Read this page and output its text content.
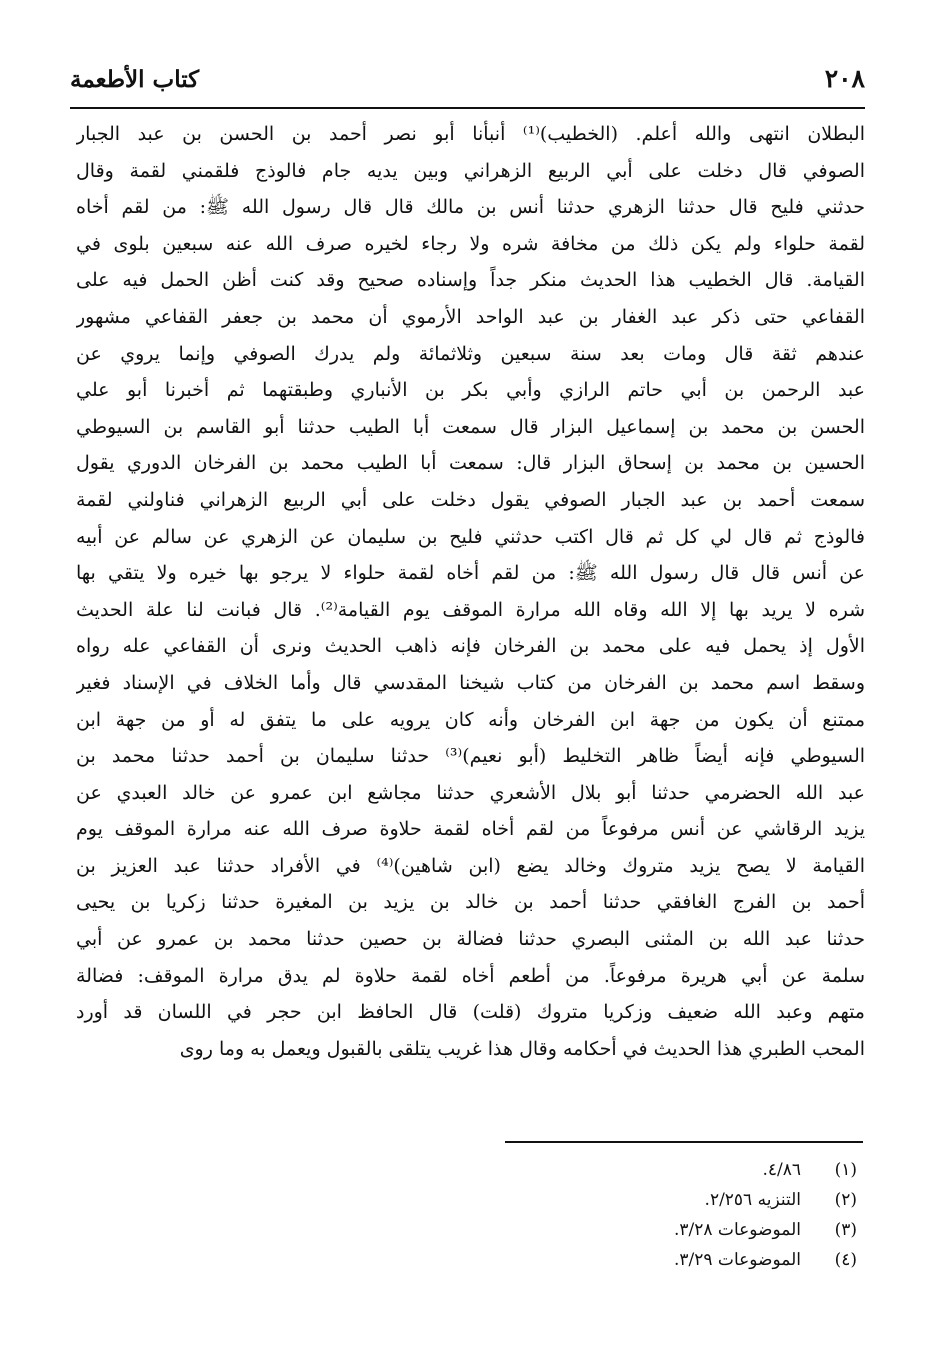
٢٠٨
كتاب الأطعمة
البطلان انتهى والله أعلم. (الخطيب)⁽¹⁾ أنبأنا أبو نصر أحمد بن الحسن بن عبد الجبار
الصوفي قال دخلت على أبي الربيع الزهراني وبين يديه جام فالوذج فلقمني لقمة وقال
حدثني فليح قال حدثنا الزهري حدثنا أنس بن مالك قال قال رسول الله ﷺ: من لقم أخاه
لقمة حلواء ولم يكن ذلك من مخافة شره ولا رجاء لخيره صرف الله عنه سبعين بلوى في
القيامة. قال الخطيب هذا الحديث منكر جداً وإسناده صحيح وقد كنت أظن الحمل فيه على
القفاعي حتى ذكر عبد الغفار بن عبد الواحد الأرموي أن محمد بن جعفر القفاعي مشهور
عندهم ثقة قال ومات بعد سنة سبعين وثلاثمائة ولم يدرك الصوفي وإنما يروي عن
عبد الرحمن بن أبي حاتم الرازي وأبي بكر بن الأنباري وطبقتهما ثم أخبرنا أبو علي
الحسن بن محمد بن إسماعيل البزار قال سمعت أبا الطيب حدثنا أبو القاسم بن السيوطي
الحسين بن محمد بن إسحاق البزار قال: سمعت أبا الطيب محمد بن الفرخان الدوري يقول
سمعت أحمد بن عبد الجبار الصوفي يقول دخلت على أبي الربيع الزهراني فناولني لقمة
فالوذج ثم قال لي كل ثم قال اكتب حدثني فليح بن سليمان عن الزهري عن سالم عن أبيه
عن أنس قال قال رسول الله ﷺ: من لقم أخاه لقمة حلواء لا يرجو بها خيره ولا يتقي بها
شره لا يريد بها إلا الله وقاه الله مرارة الموقف يوم القيامة⁽²⁾. قال فبانت لنا علة الحديث
الأول إذ يحمل فيه على محمد بن الفرخان فإنه ذاهب الحديث ونرى أن القفاعي عله رواه
وسقط اسم محمد بن الفرخان من كتاب شيخنا المقدسي قال وأما الخلاف في الإسناد فغير
ممتنع أن يكون من جهة ابن الفرخان وأنه كان يرويه على ما يتفق له أو من جهة ابن
السيوطي فإنه أيضاً ظاهر التخليط (أبو نعيم)⁽³⁾ حدثنا سليمان بن أحمد حدثنا محمد بن
عبد الله الحضرمي حدثنا أبو بلال الأشعري حدثنا مجاشع ابن عمرو عن خالد العبدي عن
يزيد الرقاشي عن أنس مرفوعاً من لقم أخاه لقمة حلاوة صرف الله عنه مرارة الموقف يوم
القيامة لا يصح يزيد متروك وخالد يضع (ابن شاهين)⁽⁴⁾ في الأفراد حدثنا عبد العزيز بن
أحمد بن الفرج الغافقي حدثنا أحمد بن خالد بن يزيد بن المغيرة حدثنا زكريا بن يحيى
حدثنا عبد الله بن المثنى البصري حدثنا فضالة بن حصين حدثنا محمد بن عمرو عن أبي
سلمة عن أبي هريرة مرفوعاً. من أطعم أخاه لقمة حلاوة لم يدق مرارة الموقف: فضالة
متهم وعبد الله ضعيف وزكريا متروك (قلت) قال الحافظ ابن حجر في اللسان قد أورد
المحب الطبري هذا الحديث في أحكامه وقال هذا غريب يتلقى بالقبول ويعمل به وما روى
(١)٤/٨٦.
(٢)التنزيه ٢/٢٥٦.
(٣)الموضوعات ٣/٢٨.
(٤)الموضوعات ٣/٢٩.
